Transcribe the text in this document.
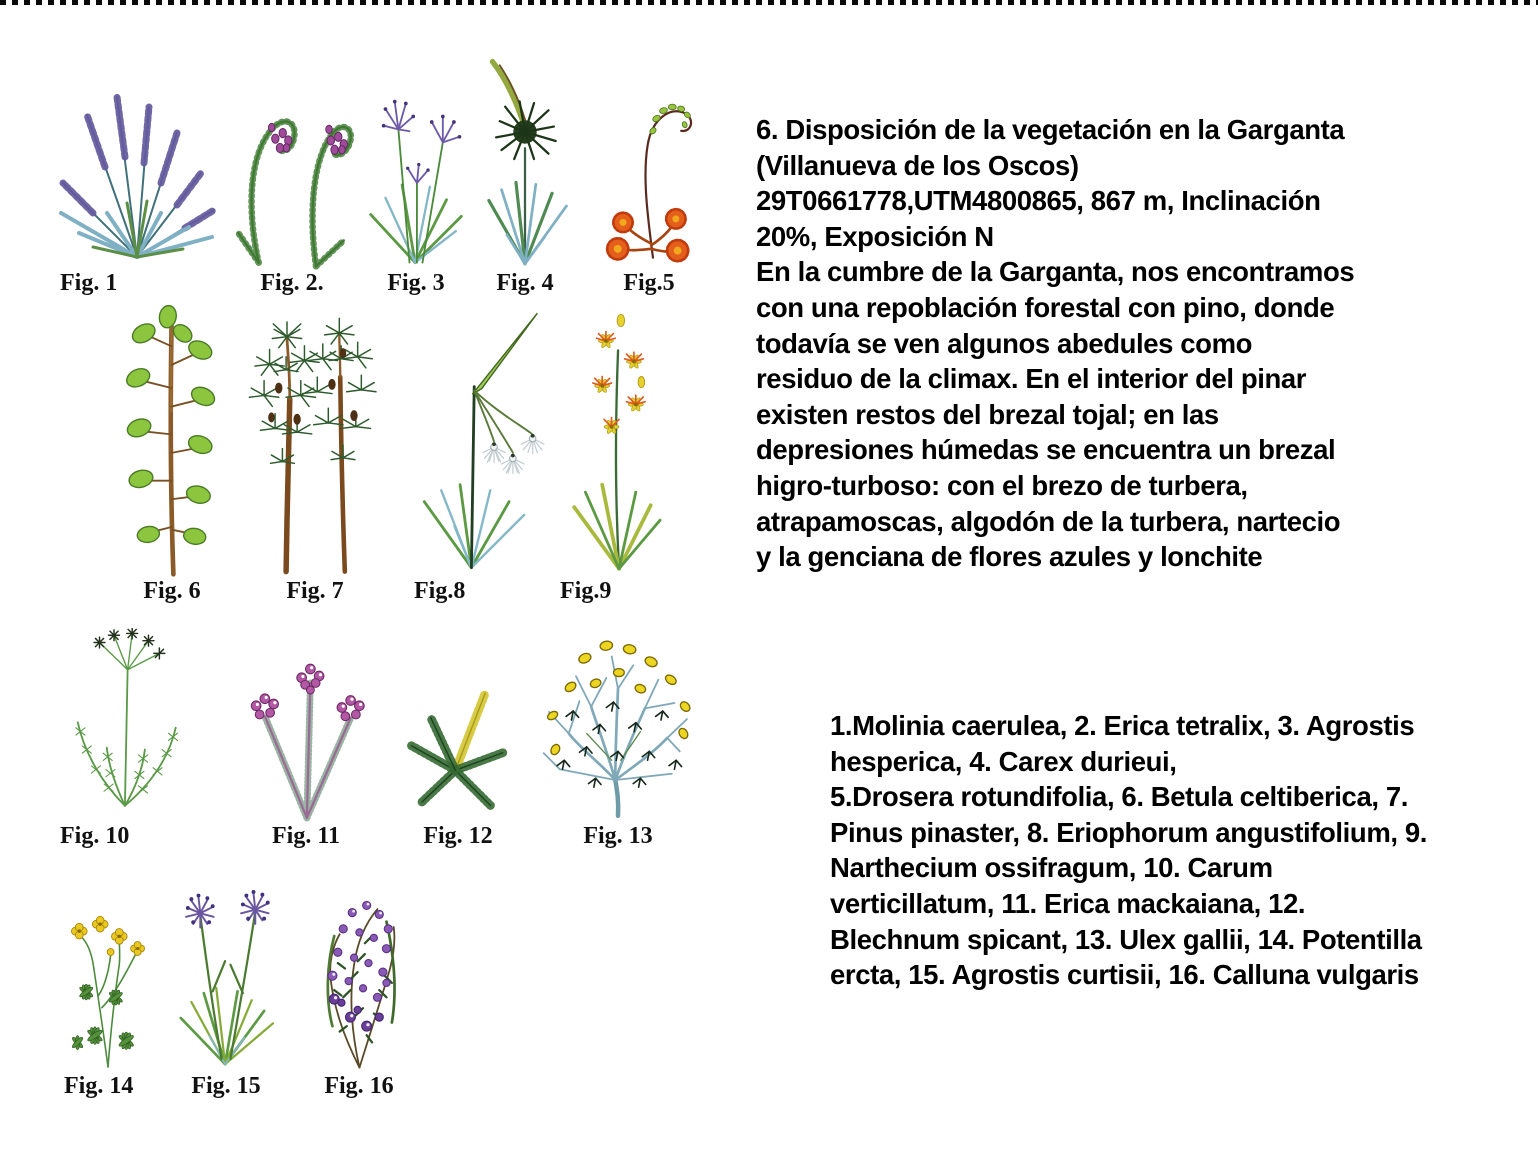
Fig. 1	Fig. 2.	Fig. 3	Fig. 4	Fig.5
Fig. 6	Fig. 7	Fig.8	Fig.9
Fig. 10	Fig. 11	Fig. 12	Fig. 13
Fig. 14	Fig. 15	Fig. 16
6. Disposición de la vegetación en la Garganta
(Villanueva de los Oscos)
29T0661778,UTM4800865, 867 m, Inclinación
20%, Exposición N
En la cumbre de la Garganta, nos encontramos
con una repoblación forestal con pino, donde
todavía se ven algunos abedules como
residuo de la climax. En el interior del pinar
existen restos del brezal tojal; en las
depresiones húmedas se encuentra un brezal
higro-turboso: con el brezo de turbera,
atrapamoscas, algodón de la turbera, nartecio
y la genciana de flores azules y lonchite
1.Molinia caerulea, 2. Erica tetralix, 3. Agrostis
hesperica, 4. Carex durieui,
5.Drosera rotundifolia, 6. Betula celtiberica, 7.
Pinus pinaster, 8. Eriophorum angustifolium, 9.
Narthecium ossifragum, 10. Carum
verticillatum, 11. Erica mackaiana, 12.
Blechnum spicant, 13. Ulex gallii, 14. Potentilla
ercta, 15. Agrostis curtisii, 16. Calluna vulgaris
